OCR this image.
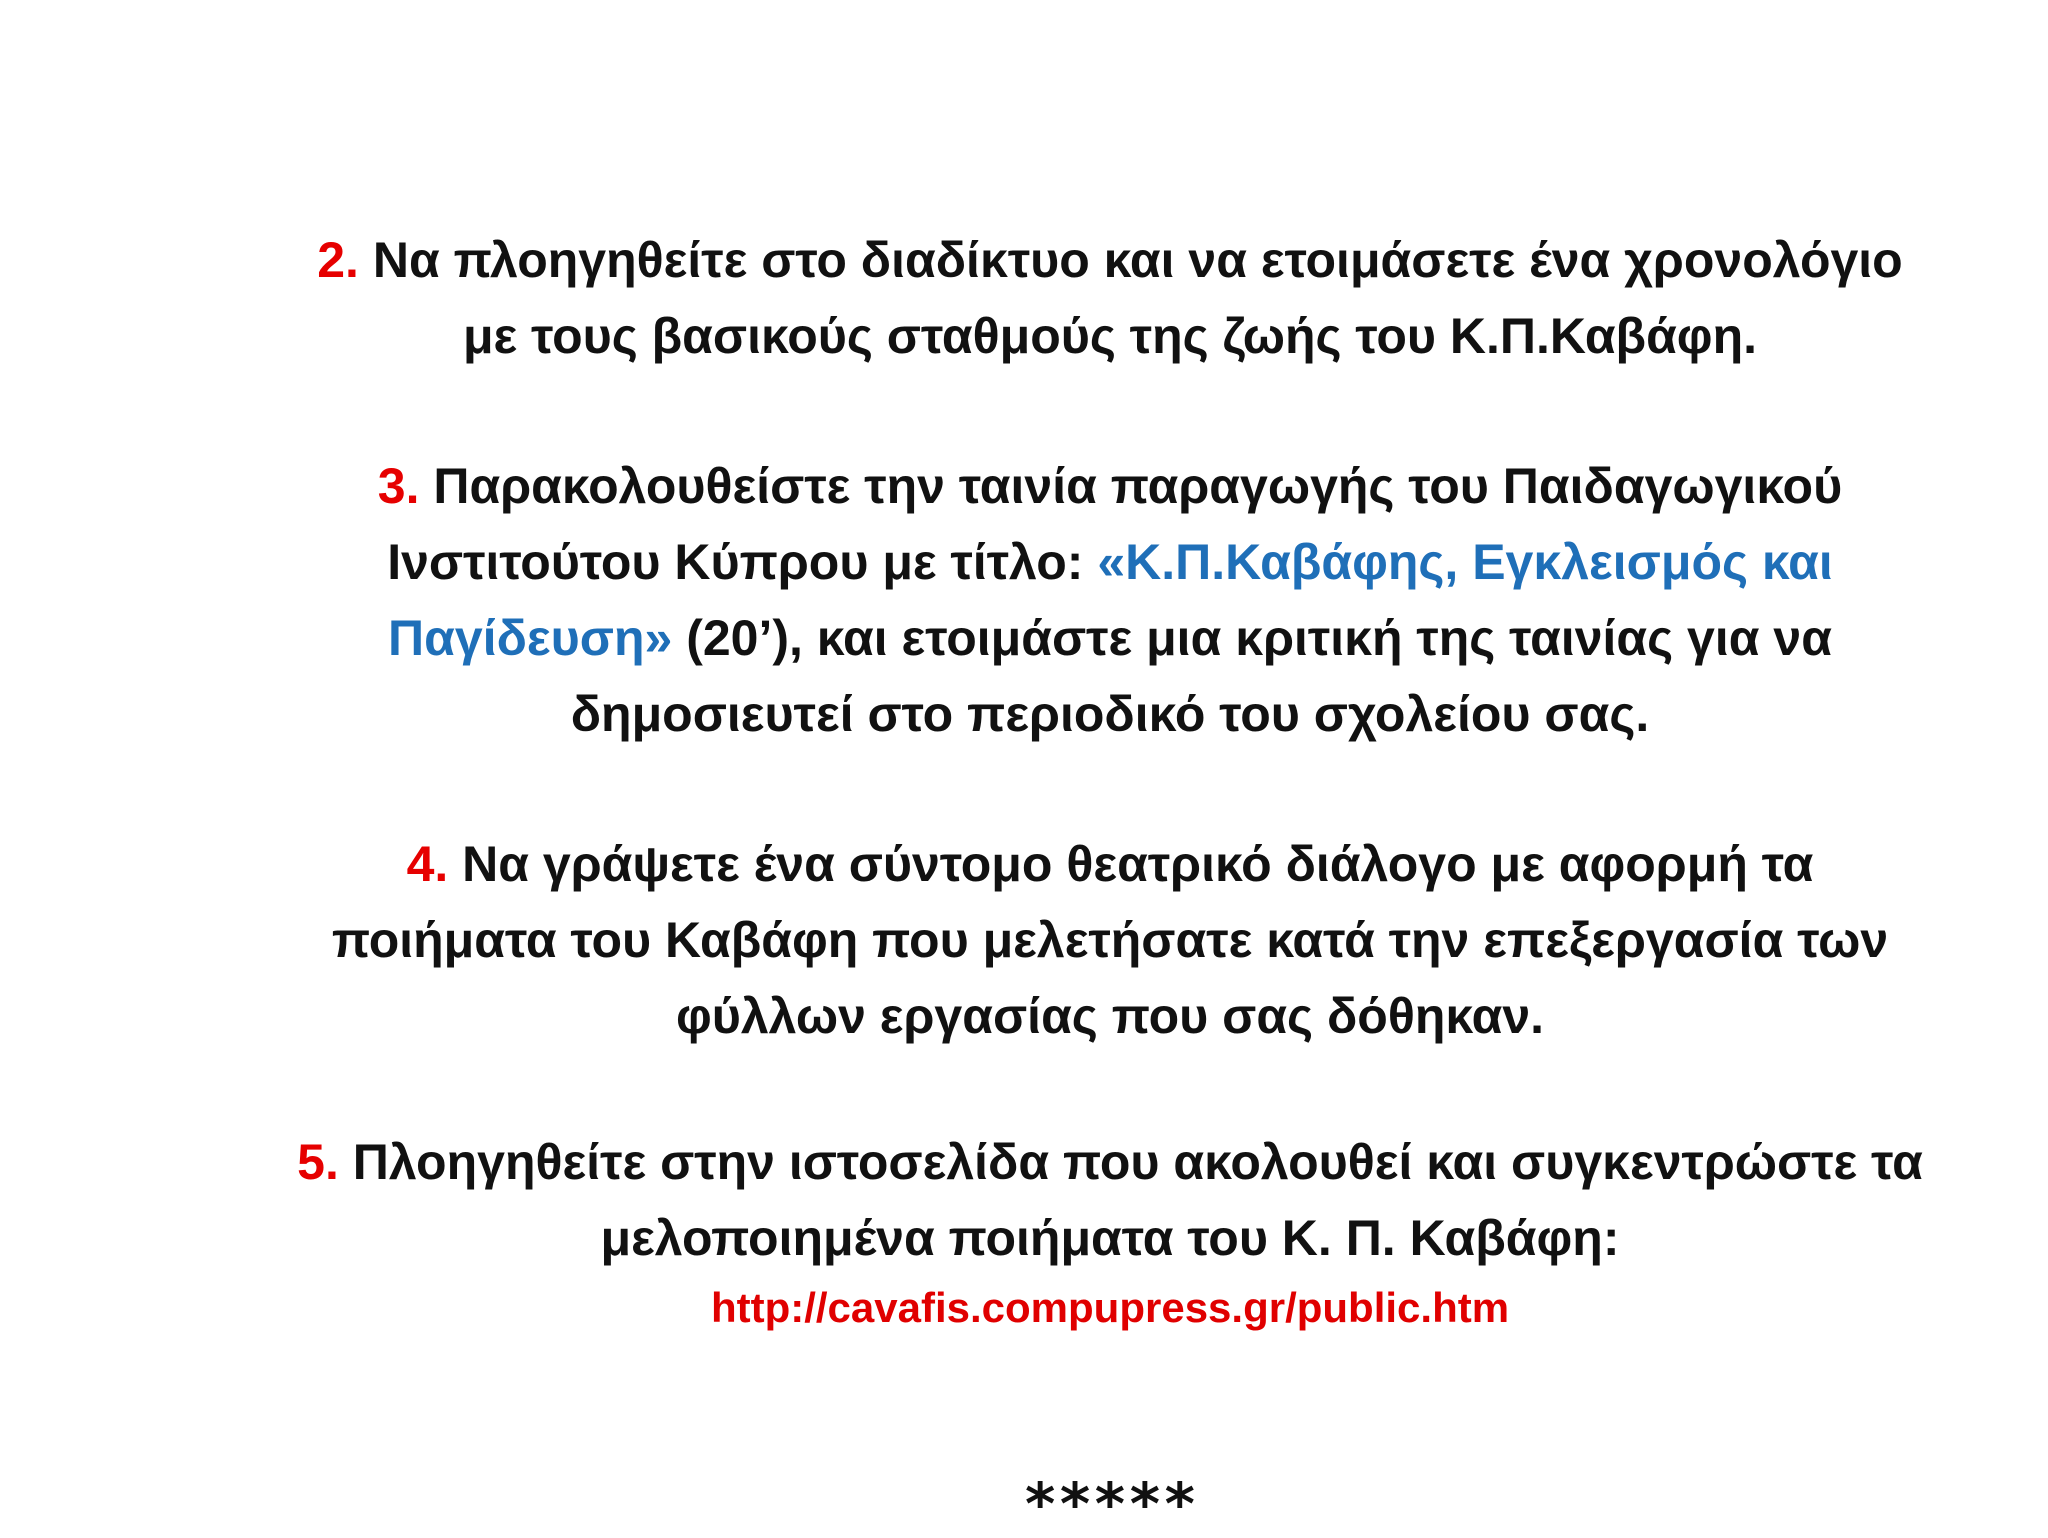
2. Να πλοηγηθείτε στο διαδίκτυο και να ετοιμάσετε ένα χρονολόγιο
με τους βασικούς σταθμούς της ζωής του Κ.Π.Καβάφη.
3. Παρακολουθείστε την ταινία παραγωγής του Παιδαγωγικού
Ινστιτούτου Κύπρου με τίτλο: «Κ.Π.Καβάφης, Εγκλεισμός και
Παγίδευση» (20’), και ετοιμάστε μια κριτική της ταινίας για να
δημοσιευτεί στο περιοδικό του σχολείου σας.
4. Να γράψετε ένα σύντομο θεατρικό διάλογο με αφορμή τα
ποιήματα του Καβάφη που μελετήσατε κατά την επεξεργασία των
φύλλων εργασίας που σας δόθηκαν.
5. Πλοηγηθείτε στην ιστοσελίδα που ακολουθεί και συγκεντρώστε τα
μελοποιημένα ποιήματα του Κ. Π. Καβάφη:
http://cavafis.compupress.gr/public.htm
*****
